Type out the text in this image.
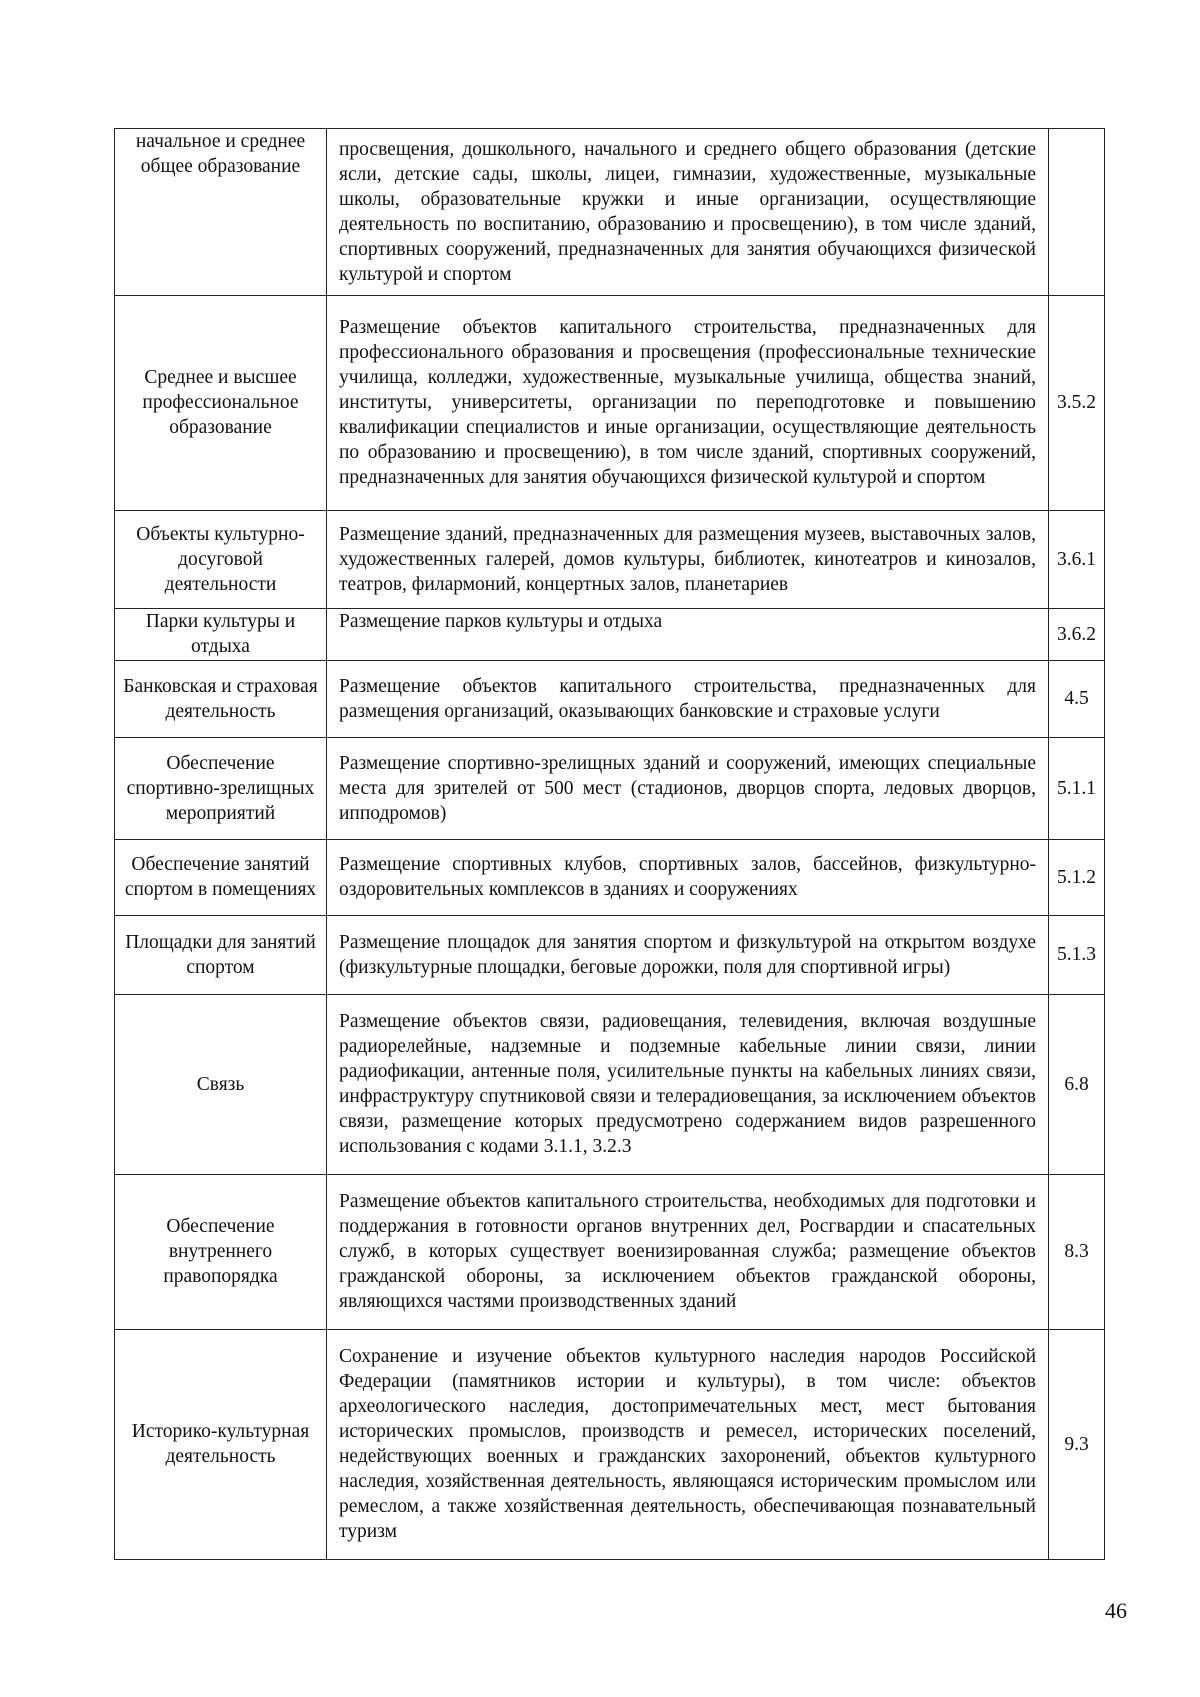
начальное и среднее общее образование	просвещения, дошкольного, начального и среднего общего образования (детские ясли, детские сады, школы, лицеи, гимназии, художественные, музыкальные школы, образовательные кружки и иные организации, осуществляющие деятельность по воспитанию, образованию и просвещению), в том числе зданий, спортивных сооружений, предназначенных для занятия обучающихся физической культурой и спортом	
Среднее и высшее профессиональное образование	Размещение объектов капитального строительства, предназначенных для профессионального образования и просвещения (профессиональные технические училища, колледжи, художественные, музыкальные училища, общества знаний, институты, университеты, организации по переподготовке и повышению квалификации специалистов и иные организации, осуществляющие деятельность по образованию и просвещению), в том числе зданий, спортивных сооружений, предназначенных для занятия обучающихся физической культурой и спортом	3.5.2
Объекты культурно-досуговой деятельности	Размещение зданий, предназначенных для размещения музеев, выставочных залов, художественных галерей, домов культуры, библиотек, кинотеатров и кинозалов, театров, филармоний, концертных залов, планетариев	3.6.1
Парки культуры и отдыха	Размещение парков культуры и отдыха	3.6.2
Банковская и страховая деятельность	Размещение объектов капитального строительства, предназначенных для размещения организаций, оказывающих банковские и страховые услуги	4.5
Обеспечение спортивно-зрелищных мероприятий	Размещение спортивно-зрелищных зданий и сооружений, имеющих специальные места для зрителей от 500 мест (стадионов, дворцов спорта, ледовых дворцов, ипподромов)	5.1.1
Обеспечение занятий спортом в помещениях	Размещение спортивных клубов, спортивных залов, бассейнов, физкультурно-оздоровительных комплексов в зданиях и сооружениях	5.1.2
Площадки для занятий спортом	Размещение площадок для занятия спортом и физкультурой на открытом воздухе (физкультурные площадки, беговые дорожки, поля для спортивной игры)	5.1.3
Связь	Размещение объектов связи, радиовещания, телевидения, включая воздушные радиорелейные, надземные и подземные кабельные линии связи, линии радиофикации, антенные поля, усилительные пункты на кабельных линиях связи, инфраструктуру спутниковой связи и телерадиовещания, за исключением объектов связи, размещение которых предусмотрено содержанием видов разрешенного использования с кодами 3.1.1, 3.2.3	6.8
Обеспечение внутреннего правопорядка	Размещение объектов капитального строительства, необходимых для подготовки и поддержания в готовности органов внутренних дел, Росгвардии и спасательных служб, в которых существует военизированная служба; размещение объектов гражданской обороны, за исключением объектов гражданской обороны, являющихся частями производственных зданий	8.3
Историко-культурная деятельность	Сохранение и изучение объектов культурного наследия народов Российской Федерации (памятников истории и культуры), в том числе: объектов археологического наследия, достопримечательных мест, мест бытования исторических промыслов, производств и ремесел, исторических поселений, недействующих военных и гражданских захоронений, объектов культурного наследия, хозяйственная деятельность, являющаяся историческим промыслом или ремеслом, а также хозяйственная деятельность, обеспечивающая познавательный туризм	9.3
46
